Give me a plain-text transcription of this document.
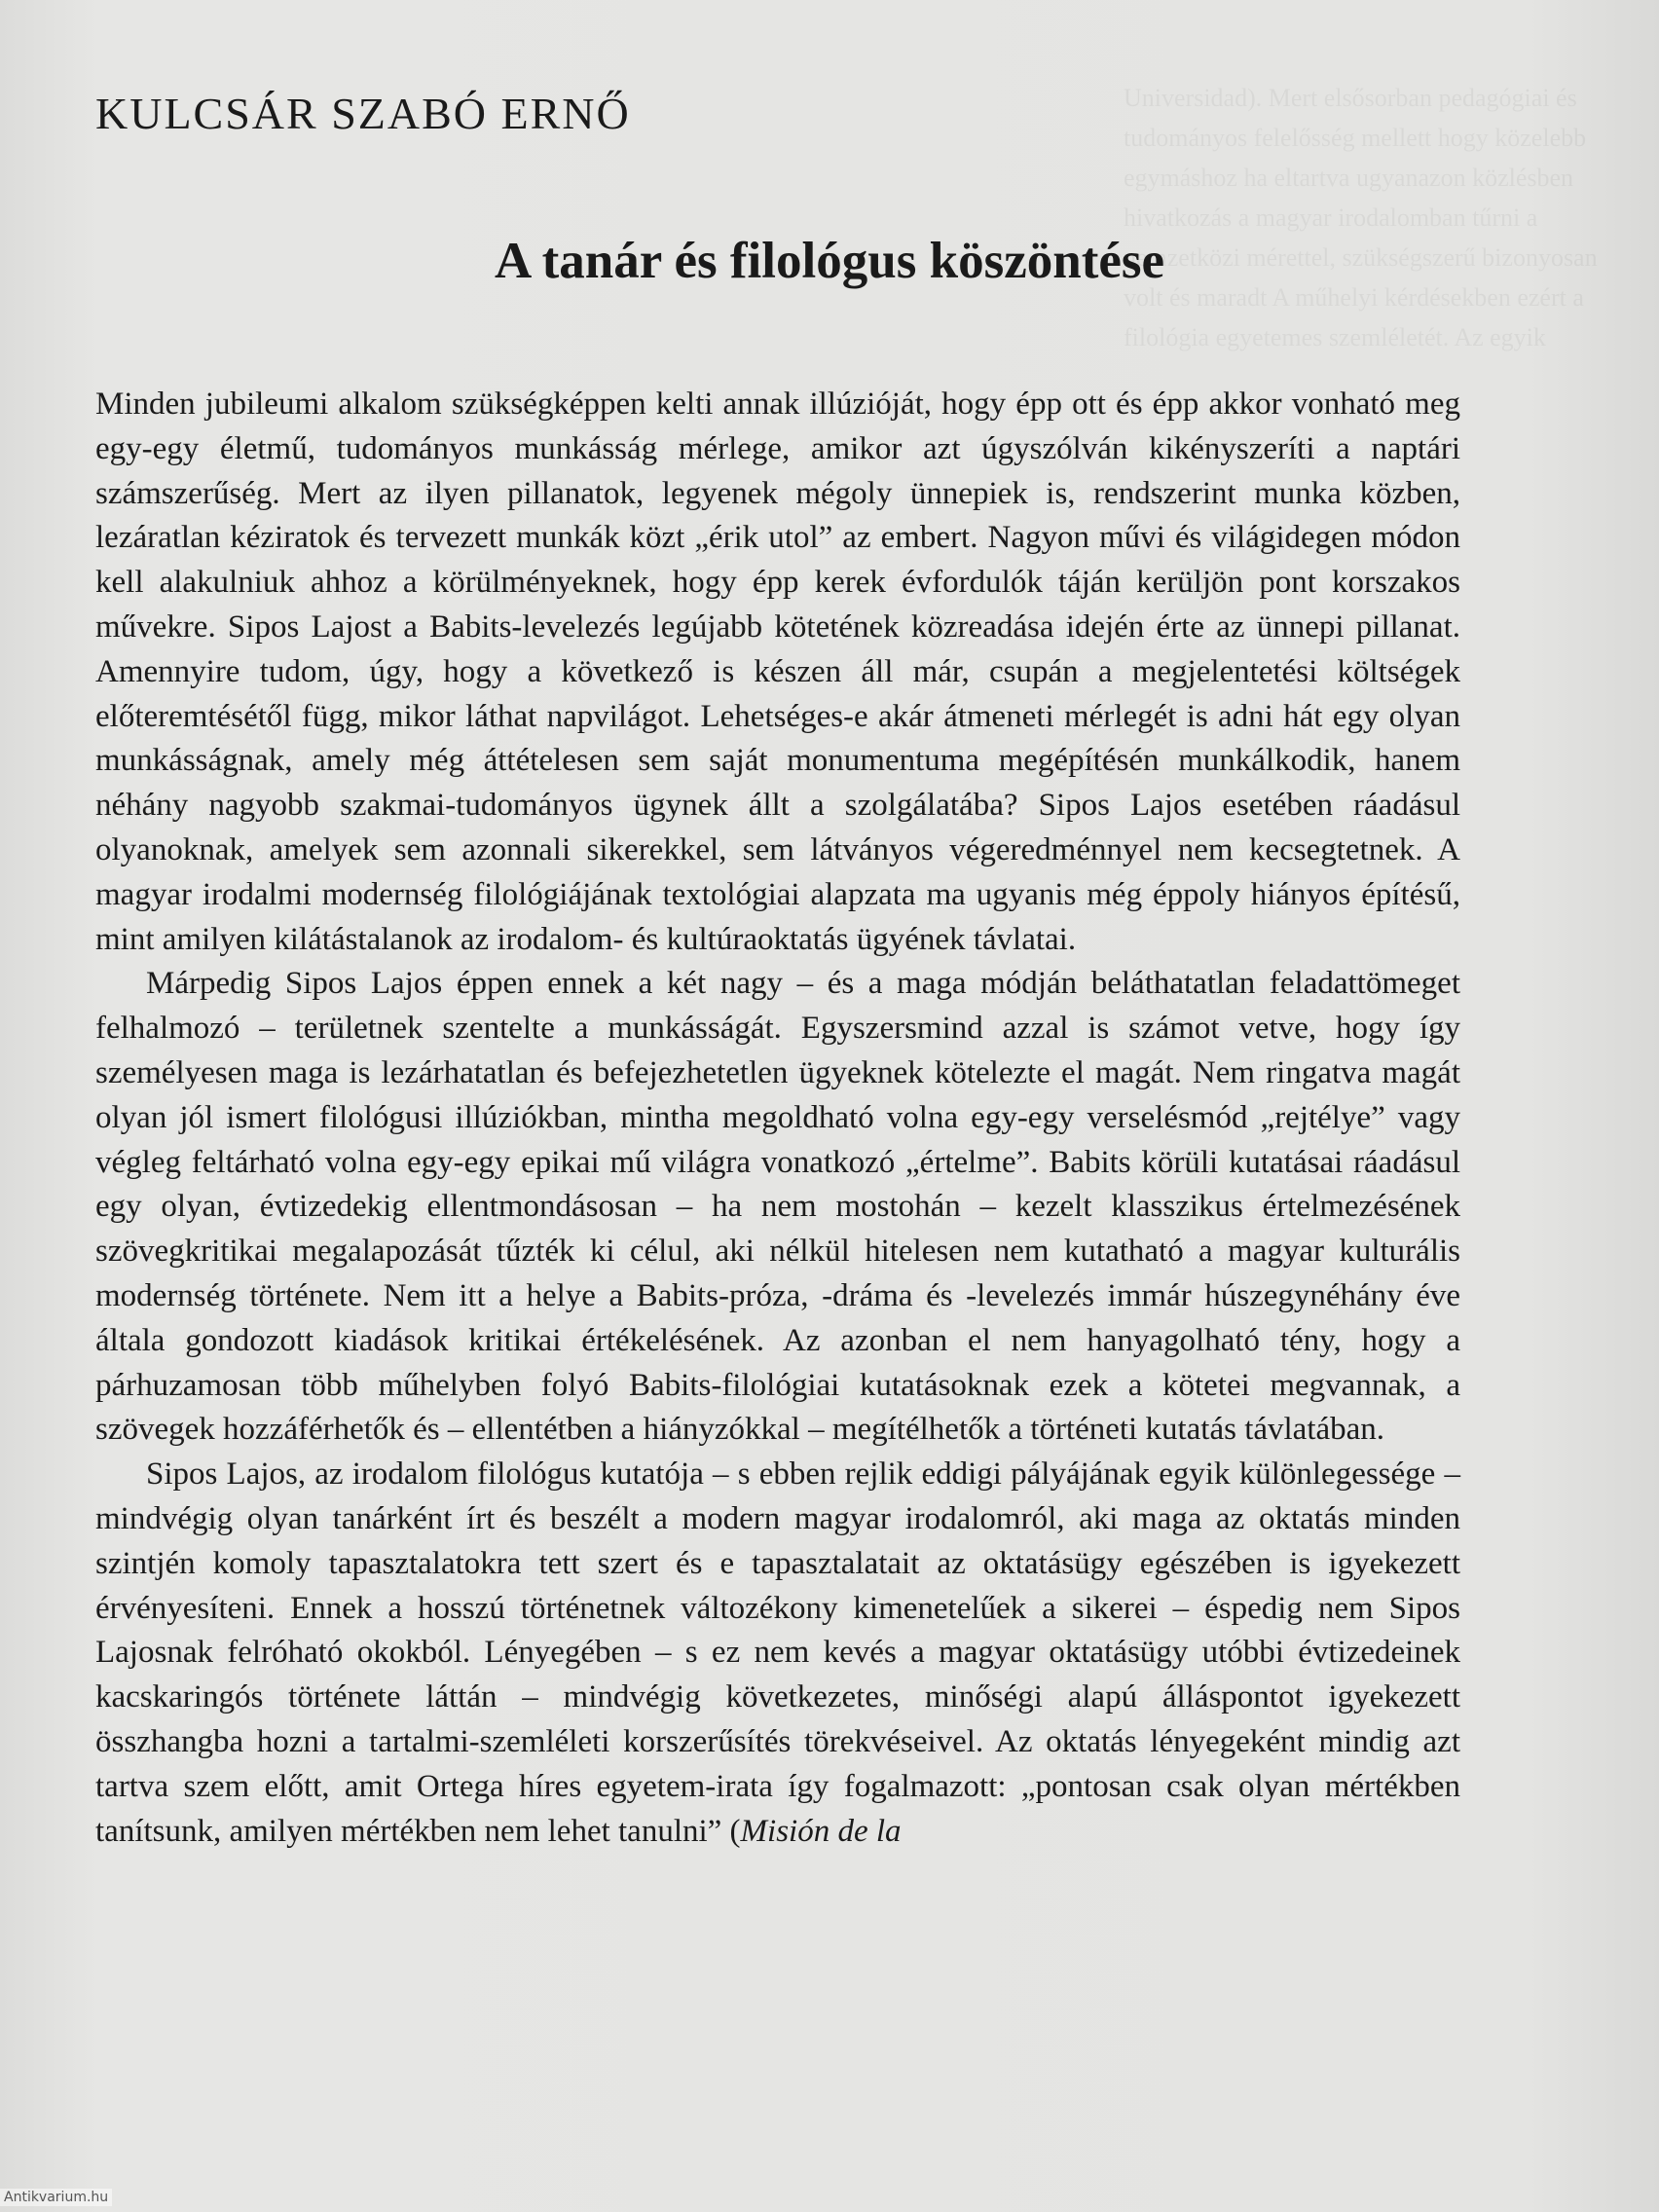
Universidad). Mert elsősorban pedagógiai és tudományos felelősség mellett hogy közelebb egymáshoz ha eltartva ugyanazon közlésben hivatkozás a magyar irodalomban tűrni a nemzetközi mérettel, szükségszerű bizonyosan volt és maradt A műhelyi kérdésekben ezért a filológia egyetemes szemléletét. Az egyik
KULCSÁR SZABÓ ERNŐ
A tanár és filológus köszöntése

Minden jubileumi alkalom szükségképpen kelti annak illúzióját, hogy épp ott és épp akkor vonható meg egy-egy életmű, tudományos munkásság mérlege, amikor azt úgyszólván kikényszeríti a naptári számszerűség. Mert az ilyen pillanatok, legyenek mégoly ünnepiek is, rendszerint munka közben, lezáratlan kéziratok és tervezett munkák közt „érik utol” az embert. Nagyon művi és világidegen módon kell alakulniuk ahhoz a körülményeknek, hogy épp kerek évfordulók táján kerüljön pont korszakos művekre. Sipos Lajost a Babits-levelezés legújabb kötetének közreadása idején érte az ünnepi pillanat. Amennyire tudom, úgy, hogy a következő is készen áll már, csupán a megjelentetési költségek előteremtésétől függ, mikor láthat napvilágot. Lehetséges-e akár átmeneti mérlegét is adni hát egy olyan munkásságnak, amely még áttételesen sem saját monumentuma megépítésén munkálkodik, hanem néhány nagyobb szakmai-tudományos ügynek állt a szolgálatába? Sipos Lajos esetében ráadásul olyanoknak, amelyek sem azonnali sikerekkel, sem látványos végeredménnyel nem kecsegtetnek. A magyar irodalmi modernség filológiájának textológiai alapzata ma ugyanis még éppoly hiányos építésű, mint amilyen kilátástalanok az irodalom- és kultúraoktatás ügyének távlatai.

Márpedig Sipos Lajos éppen ennek a két nagy – és a maga módján beláthatatlan feladattömeget felhalmozó – területnek szentelte a munkásságát. Egyszersmind azzal is számot vetve, hogy így személyesen maga is lezárhatatlan és befejezhetetlen ügyeknek kötelezte el magát. Nem ringatva magát olyan jól ismert filológusi illúziókban, mintha megoldható volna egy-egy verselésmód „rejtélye” vagy végleg feltárható volna egy-egy epikai mű világra vonatkozó „értelme”. Babits körüli kutatásai ráadásul egy olyan, évtizedekig ellentmondásosan – ha nem mostohán – kezelt klasszikus értelmezésének szövegkritikai megalapozását tűzték ki célul, aki nélkül hitelesen nem kutatható a magyar kulturális modernség története. Nem itt a helye a Babits-próza, -dráma és -levelezés immár húszegynéhány éve általa gondozott kiadások kritikai értékelésének. Az azonban el nem hanyagolható tény, hogy a párhuzamosan több műhelyben folyó Babits-filológiai kutatásoknak ezek a kötetei megvannak, a szövegek hozzáférhetők és – ellentétben a hiányzókkal – megítélhetők a történeti kutatás távlatában.

Sipos Lajos, az irodalom filológus kutatója – s ebben rejlik eddigi pályájának egyik különlegessége – mindvégig olyan tanárként írt és beszélt a modern magyar irodalomról, aki maga az oktatás minden szintjén komoly tapasztalatokra tett szert és e tapasztalatait az oktatásügy egészében is igyekezett érvényesíteni. Ennek a hosszú történetnek változékony kimenetelűek a sikerei – éspedig nem Sipos Lajosnak felróható okokból. Lényegében – s ez nem kevés a magyar oktatásügy utóbbi évtizedeinek kacskaringós története láttán – mindvégig következetes, minőségi alapú álláspontot igyekezett összhangba hozni a tartalmi-szemléleti korszerűsítés törekvéseivel. Az oktatás lényegeként mindig azt tartva szem előtt, amit Ortega híres egyetem-irata így fogalmazott: „pontosan csak olyan mértékben tanítsunk, amilyen mértékben nem lehet tanulni” (Misión de la

Antikvarium.hu
